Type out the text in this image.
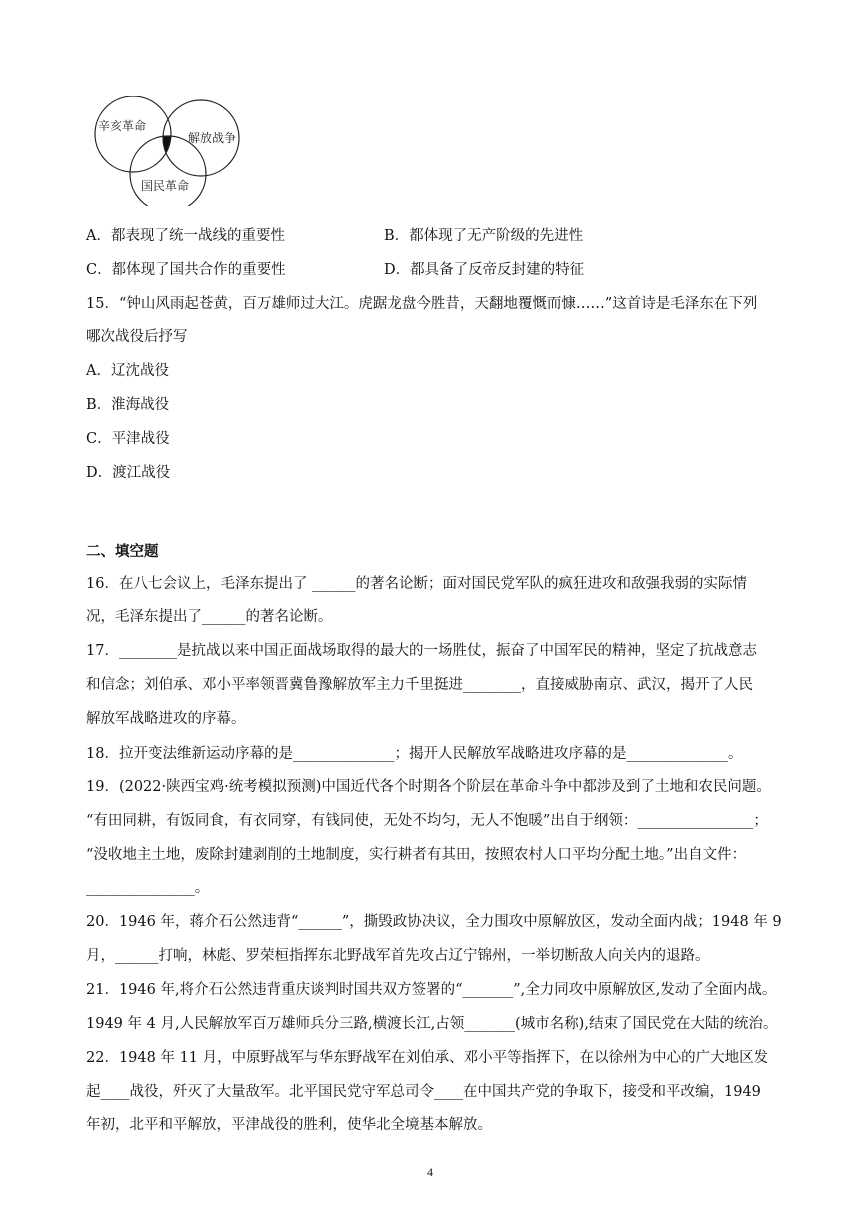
辛亥革命
解放战争
国民革命
A．都表现了统一战线的重要性	B．都体现了无产阶级的先进性
C．都体现了国共合作的重要性	D．都具备了反帝反封建的特征
15．“钟山风雨起苍黄，百万雄师过大江。虎踞龙盘今胜昔，天翻地覆慨而慷……”这首诗是毛泽东在下列
哪次战役后抒写
A．辽沈战役
B．淮海战役
C．平津战役
D．渡江战役
二、填空题
16．在八七会议上，毛泽东提出了 ______的著名论断；面对国民党军队的疯狂进攻和敌强我弱的实际情
况，毛泽东提出了______的著名论断。
17．________是抗战以来中国正面战场取得的最大的一场胜仗，振奋了中国军民的精神，坚定了抗战意志
和信念；刘伯承、邓小平率领晋冀鲁豫解放军主力千里挺进________，直接威胁南京、武汉，揭开了人民
解放军战略进攻的序幕。
18．拉开变法维新运动序幕的是______________；揭开人民解放军战略进攻序幕的是______________。
19．(2022·陕西宝鸡·统考模拟预测)中国近代各个时期各个阶层在革命斗争中都涉及到了土地和农民问题。
“有田同耕，有饭同食，有衣同穿，有钱同使，无处不均匀，无人不饱暖”出自于纲领：________________；
“没收地主土地，废除封建剥削的土地制度，实行耕者有其田，按照农村人口平均分配土地。”出自文件：
_______________。
20．1946 年，蒋介石公然违背“______”，撕毁政协决议，全力围攻中原解放区，发动全面内战；1948 年 9
月，______打响，林彪、罗荣桓指挥东北野战军首先攻占辽宁锦州，一举切断敌人向关内的退路。
21．1946 年,将介石公然违背重庆谈判时国共双方签署的“_______”,全力同攻中原解放区,发动了全面内战。
1949 年 4 月,人民解放军百万雄师兵分三路,横渡长江,占领_______(城市名称),结束了国民党在大陆的统治。
22．1948 年 11 月，中原野战军与华东野战军在刘伯承、邓小平等指挥下，在以徐州为中心的广大地区发
起____战役，歼灭了大量敌军。北平国民党守军总司令____在中国共产党的争取下，接受和平改编，1949
年初，北平和平解放，平津战役的胜利，使华北全境基本解放。
4
